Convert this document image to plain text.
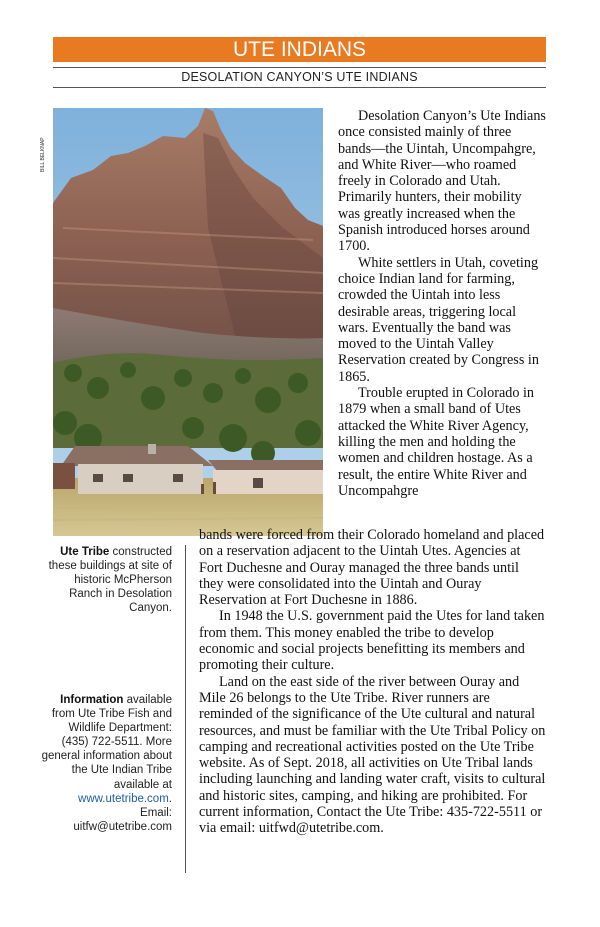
UTE INDIANS
DESOLATION CANYON’S UTE INDIANS
BILL BELKNAP

Desolation Canyon’s Ute Indians once consisted mainly of three bands—the Uintah, Uncompahgre, and White River—who roamed freely in Colorado and Utah. Primarily hunters, their mobility was greatly increased when the Spanish introduced horses around 1700.

White settlers in Utah, coveting choice Indian land for farming, crowded the Uintah into less desirable areas, triggering local wars. Eventually the band was moved to the Uintah Valley Reservation created by Congress in 1865.

Trouble erupted in Colorado in 1879 when a small band of Utes attacked the White River Agency, killing the men and holding the women and children hostage. As a result, the entire White River and Uncompahgre

bands were forced from their Colorado homeland and placed on a reservation adjacent to the Uintah Utes. Agencies at Fort Duchesne and Ouray managed the three bands until they were consolidated into the Uintah and Ouray Reservation at Fort Duchesne in 1886.

In 1948 the U.S. government paid the Utes for land taken from them. This money enabled the tribe to develop economic and social projects benefitting its members and promoting their culture.

Land on the east side of the river between Ouray and Mile 26 belongs to the Ute Tribe. River runners are reminded of the significance of the Ute cultural and natural resources, and must be familiar with the Ute Tribal Policy on camping and recreational activities posted on the Ute Tribe website. As of Sept. 2018, all activities on Ute Tribal lands including launching and landing water craft, visits to cultural and historic sites, camping, and hiking are prohibited. For current information, Contact the Ute Tribe: 435-722-5511 or via email: uitfwd@utetribe.com.

Ute Tribe constructed these buildings at site of historic McPherson Ranch in Desolation Canyon.
Information available from Ute Tribe Fish and Wildlife Department: (435) 722-5511. More general information about the Ute Indian Tribe available at www.utetribe.com.
Email: uitfw@utetribe.com
